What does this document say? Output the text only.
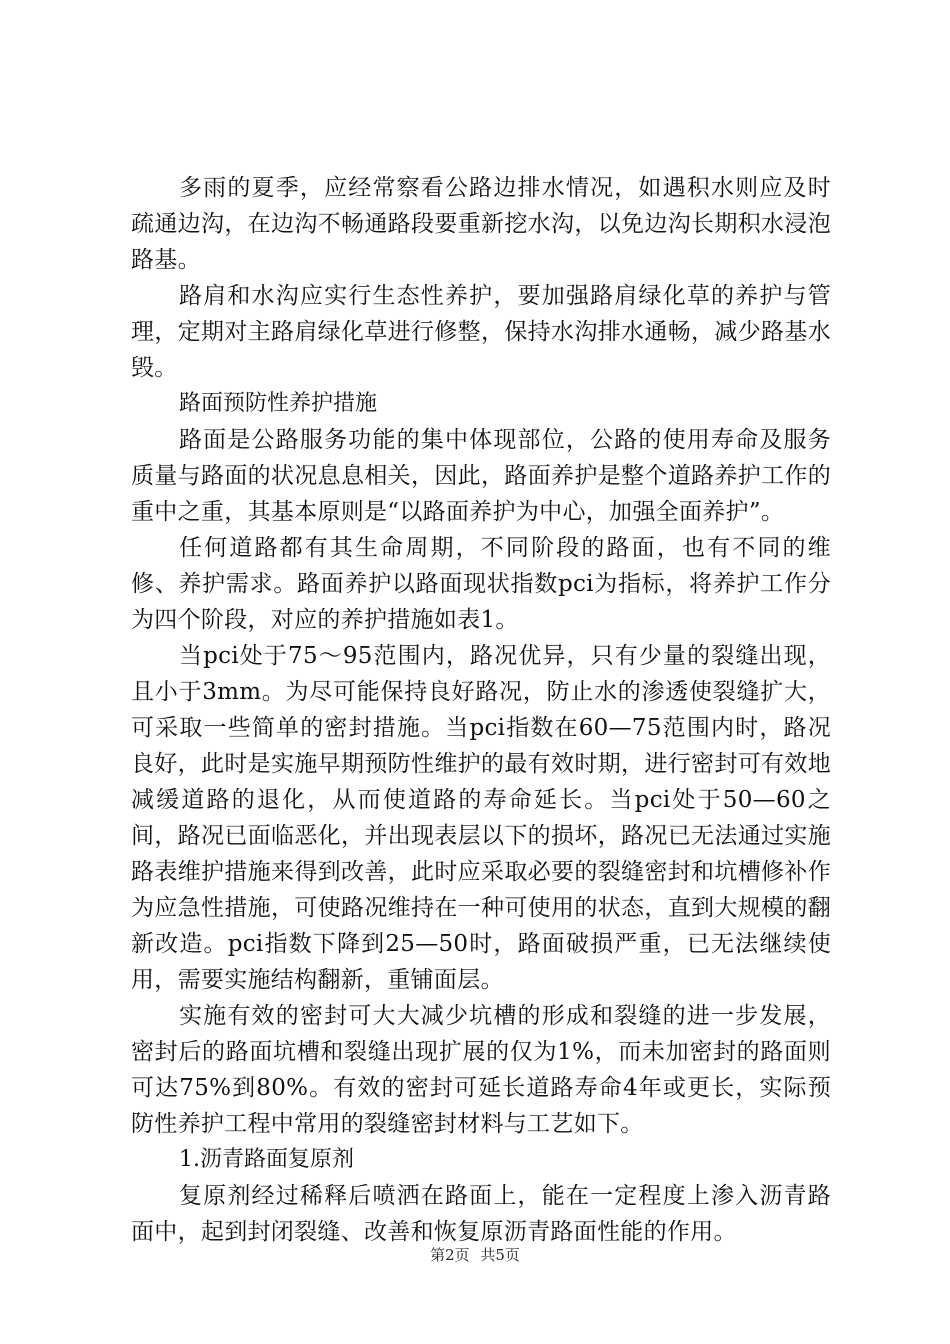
多雨的夏季，应经常察看公路边排水情况，如遇积水则应及时疏通边沟，在边沟不畅通路段要重新挖水沟，以免边沟长期积水浸泡路基。

路肩和水沟应实行生态性养护，要加强路肩绿化草的养护与管理，定期对主路肩绿化草进行修整，保持水沟排水通畅，减少路基水毁。

路面预防性养护措施

路面是公路服务功能的集中体现部位，公路的使用寿命及服务质量与路面的状况息息相关，因此，路面养护是整个道路养护工作的重中之重，其基本原则是“以路面养护为中心，加强全面养护”。

任何道路都有其生命周期，不同阶段的路面，也有不同的维修、养护需求。路面养护以路面现状指数pci为指标，将养护工作分为四个阶段，对应的养护措施如表1。

当pci处于75～95范围内，路况优异，只有少量的裂缝出现，且小于3mm。为尽可能保持良好路况，防止水的渗透使裂缝扩大，可采取一些简单的密封措施。当pci指数在60—75范围内时，路况良好，此时是实施早期预防性维护的最有效时期，进行密封可有效地减缓道路的退化，从而使道路的寿命延长。当pci处于50—60之间，路况已面临恶化，并出现表层以下的损坏，路况已无法通过实施路表维护措施来得到改善，此时应采取必要的裂缝密封和坑槽修补作为应急性措施，可使路况维持在一种可使用的状态，直到大规模的翻新改造。pci指数下降到25—50时，路面破损严重，已无法继续使用，需要实施结构翻新，重铺面层。

实施有效的密封可大大减少坑槽的形成和裂缝的进一步发展，密封后的路面坑槽和裂缝出现扩展的仅为1%，而未加密封的路面则可达75%到80%。有效的密封可延长道路寿命4年或更长，实际预防性养护工程中常用的裂缝密封材料与工艺如下。

1.沥青路面复原剂

复原剂经过稀释后喷洒在路面上，能在一定程度上渗入沥青路面中，起到封闭裂缝、改善和恢复原沥青路面性能的作用。

第2页 共5页
